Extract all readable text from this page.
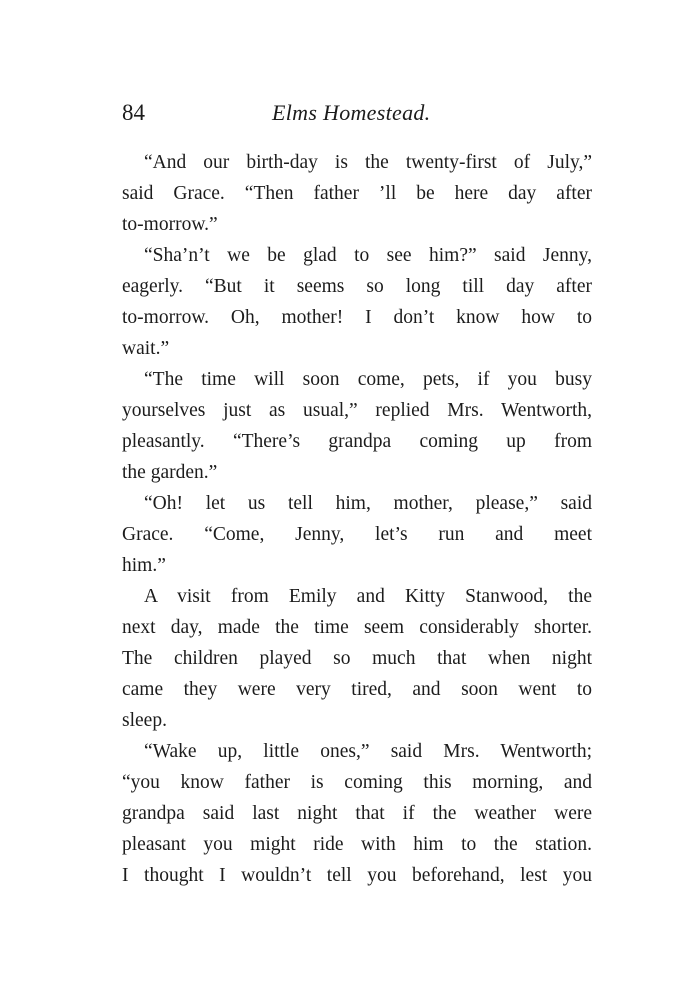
84	Elms Homestead.
“And our birth-day is the twenty-first of July,”
said Grace. “Then father ’ll be here day after
to-morrow.”
“Sha’n’t we be glad to see him?” said Jenny,
eagerly. “But it seems so long till day after
to-morrow. Oh, mother! I don’t know how to
wait.”
“The time will soon come, pets, if you busy
yourselves just as usual,” replied Mrs. Wentworth,
pleasantly. “There’s grandpa coming up from
the garden.”
“Oh! let us tell him, mother, please,” said
Grace. “Come, Jenny, let’s run and meet
him.”
A visit from Emily and Kitty Stanwood, the
next day, made the time seem considerably shorter.
The children played so much that when night
came they were very tired, and soon went to
sleep.
“Wake up, little ones,” said Mrs. Wentworth;
“you know father is coming this morning, and
grandpa said last night that if the weather were
pleasant you might ride with him to the station.
I thought I wouldn’t tell you beforehand, lest you
